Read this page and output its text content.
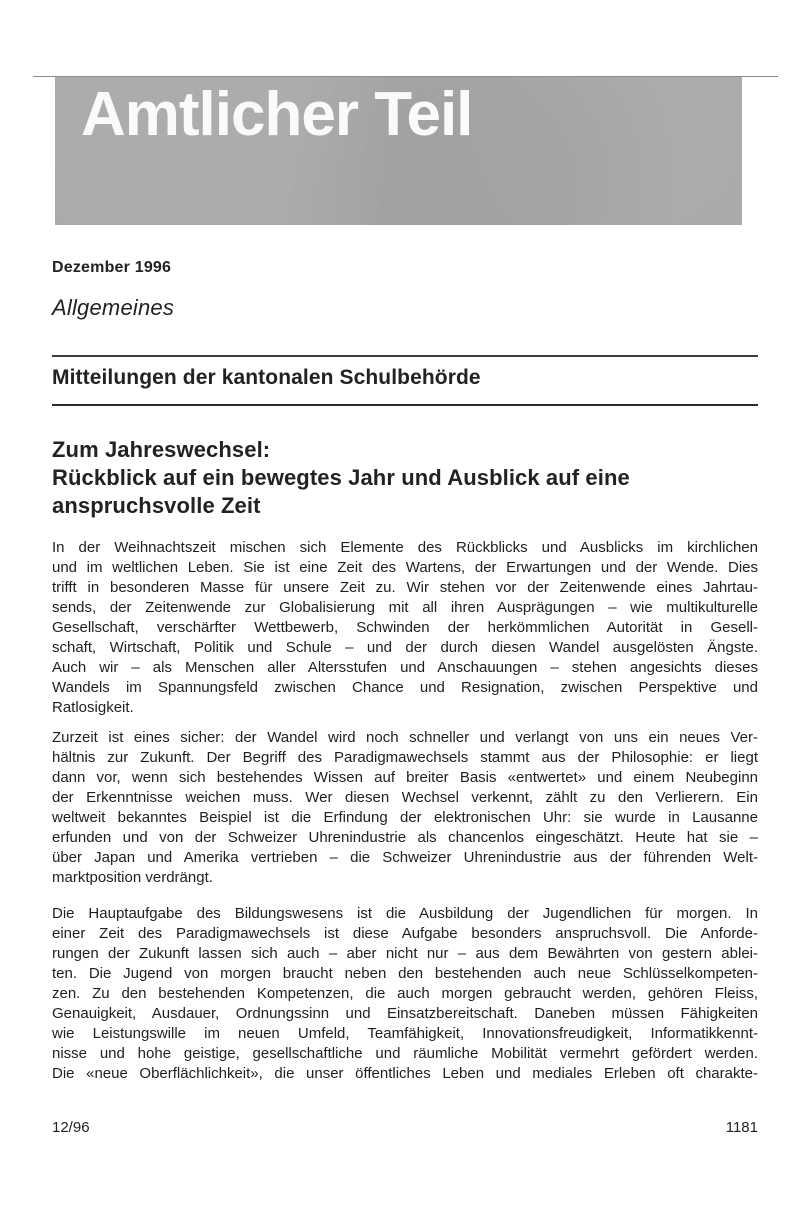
Amtlicher Teil
Dezember 1996
Allgemeines
Mitteilungen der kantonalen Schulbehörde
Zum Jahreswechsel:
Rückblick auf ein bewegtes Jahr und Ausblick auf eine
anspruchsvolle Zeit
In der Weihnachtszeit mischen sich Elemente des Rückblicks und Ausblicks im kirchlichen
und im weltlichen Leben. Sie ist eine Zeit des Wartens, der Erwartungen und der Wende. Dies
trifft in besonderen Masse für unsere Zeit zu. Wir stehen vor der Zeitenwende eines Jahrtau-
sends, der Zeitenwende zur Globalisierung mit all ihren Ausprägungen – wie multikulturelle
Gesellschaft, verschärfter Wettbewerb, Schwinden der herkömmlichen Autorität in Gesell-
schaft, Wirtschaft, Politik und Schule – und der durch diesen Wandel ausgelösten Ängste.
Auch wir – als Menschen aller Altersstufen und Anschauungen – stehen angesichts dieses
Wandels im Spannungsfeld zwischen Chance und Resignation, zwischen Perspektive und
Ratlosigkeit.
Zurzeit ist eines sicher: der Wandel wird noch schneller und verlangt von uns ein neues Ver-
hältnis zur Zukunft. Der Begriff des Paradigmawechsels stammt aus der Philosophie: er liegt
dann vor, wenn sich bestehendes Wissen auf breiter Basis «entwertet» und einem Neubeginn
der Erkenntnisse weichen muss. Wer diesen Wechsel verkennt, zählt zu den Verlierern. Ein
weltweit bekanntes Beispiel ist die Erfindung der elektronischen Uhr: sie wurde in Lausanne
erfunden und von der Schweizer Uhrenindustrie als chancenlos eingeschätzt. Heute hat sie –
über Japan und Amerika vertrieben – die Schweizer Uhrenindustrie aus der führenden Welt-
marktposition verdrängt.
Die Hauptaufgabe des Bildungswesens ist die Ausbildung der Jugendlichen für morgen. In
einer Zeit des Paradigmawechsels ist diese Aufgabe besonders anspruchsvoll. Die Anforde-
rungen der Zukunft lassen sich auch – aber nicht nur – aus dem Bewährten von gestern ablei-
ten. Die Jugend von morgen braucht neben den bestehenden auch neue Schlüsselkompeten-
zen. Zu den bestehenden Kompetenzen, die auch morgen gebraucht werden, gehören Fleiss,
Genauigkeit, Ausdauer, Ordnungssinn und Einsatzbereitschaft. Daneben müssen Fähigkeiten
wie Leistungswille im neuen Umfeld, Teamfähigkeit, Innovationsfreudigkeit, Informatikkennt-
nisse und hohe geistige, gesellschaftliche und räumliche Mobilität vermehrt gefördert werden.
Die «neue Oberflächlichkeit», die unser öffentliches Leben und mediales Erleben oft charakte-
12/96	1181
